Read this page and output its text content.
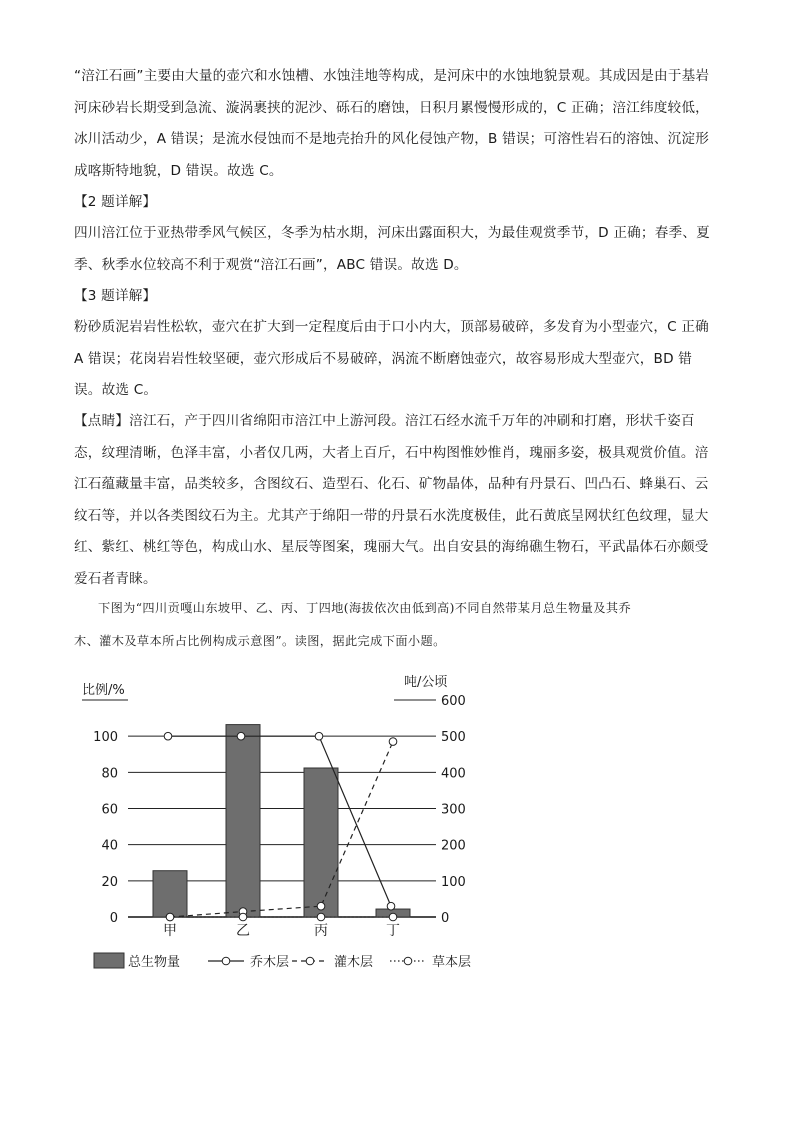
“涪江石画”主要由大量的壶穴和水蚀槽、水蚀洼地等构成，是河床中的水蚀地貌景观。其成因是由于基岩
河床砂岩长期受到急流、漩涡裹挟的泥沙、砾石的磨蚀，日积月累慢慢形成的，C 正确；涪江纬度较低，
冰川活动少，A 错误；是流水侵蚀而不是地壳抬升的风化侵蚀产物，B 错误；可溶性岩石的溶蚀、沉淀形
成喀斯特地貌，D 错误。故选 C。
【2 题详解】
四川涪江位于亚热带季风气候区，冬季为枯水期，河床出露面积大，为最佳观赏季节，D 正确；春季、夏
季、秋季水位较高不利于观赏“涪江石画”，ABC 错误。故选 D。
【3 题详解】
粉砂质泥岩岩性松软，壶穴在扩大到一定程度后由于口小内大，顶部易破碎，多发育为小型壶穴，C 正确
A 错误；花岗岩岩性较坚硬，壶穴形成后不易破碎，涡流不断磨蚀壶穴，故容易形成大型壶穴，BD 错
误。故选 C。
【点睛】涪江石，产于四川省绵阳市涪江中上游河段。涪江石经水流千万年的冲刷和打磨，形状千姿百
态，纹理清晰，色泽丰富，小者仅几两，大者上百斤，石中构图惟妙惟肖，瑰丽多姿，极具观赏价值。涪
江石蕴藏量丰富，品类较多，含图纹石、造型石、化石、矿物晶体，品种有丹景石、凹凸石、蜂巢石、云
纹石等，并以各类图纹石为主。尤其产于绵阳一带的丹景石水洗度极佳，此石黄底呈网状红色纹理，显大
红、紫红、桃红等色，构成山水、星辰等图案，瑰丽大气。出自安县的海绵礁生物石，平武晶体石亦颇受
爱石者青睐。
下图为“四川贡嘎山东坡甲、乙、丙、丁四地(海拔依次由低到高)不同自然带某月总生物量及其乔
木、灌木及草本所占比例构成示意图”。读图，据此完成下面小题。
比例/%
吨/公顷
0
100
200
300
400
500
600
0
20
40
60
80
100
甲	乙	丙	丁
总生物量	乔木层	灌木层	草本层
